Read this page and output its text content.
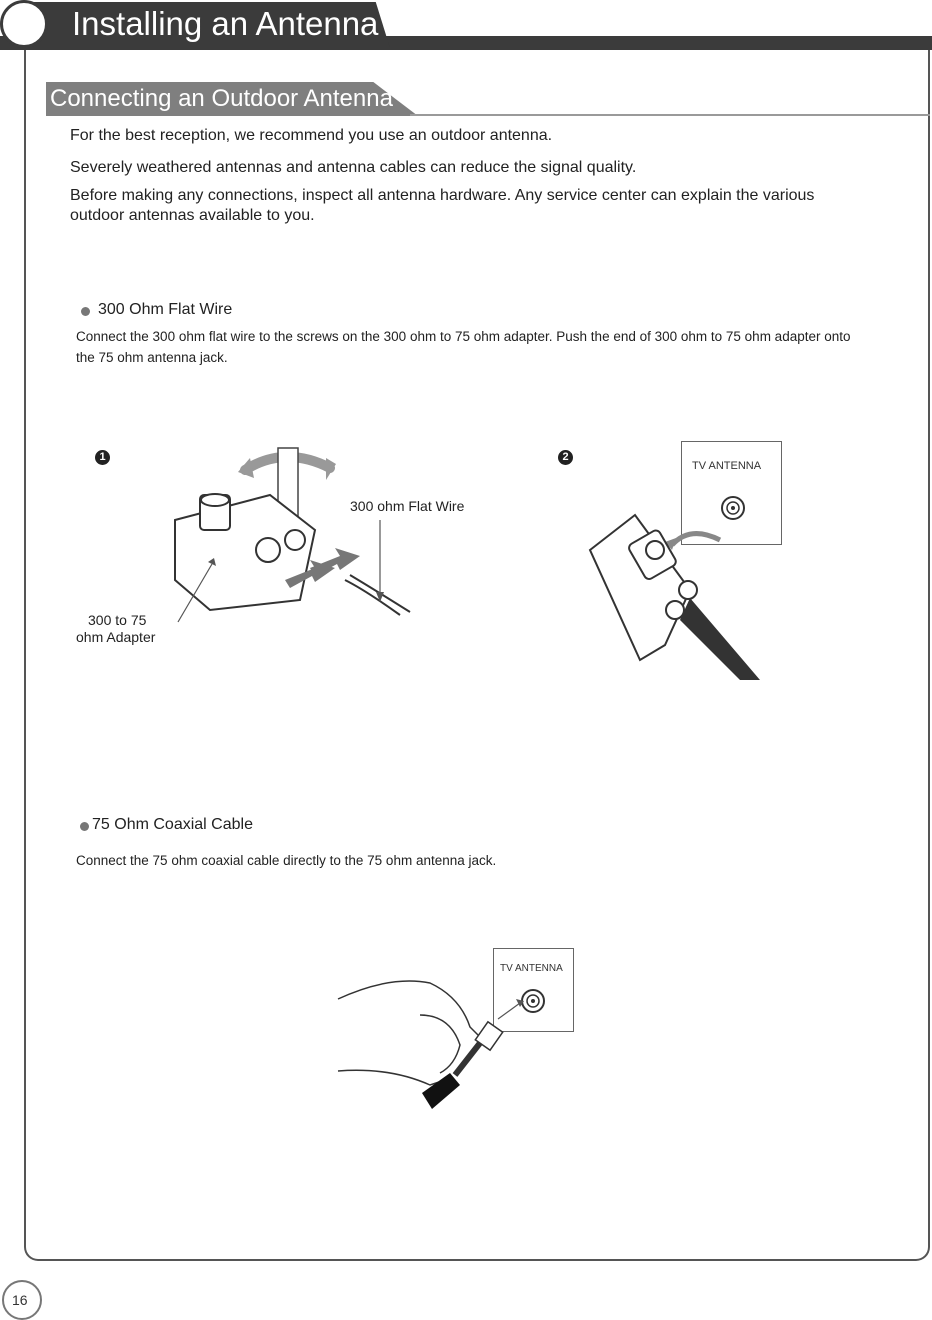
Installing an Antenna
Connecting an Outdoor Antenna
For the best reception, we recommend you use an outdoor antenna.
Severely weathered antennas and antenna cables can reduce the signal quality.
Before making any connections, inspect all antenna hardware. Any service center can explain the various outdoor antennas available to you.
300 Ohm Flat Wire
Connect the 300 ohm flat wire to the screws on the 300 ohm to 75 ohm adapter. Push the end of 300 ohm to 75 ohm adapter onto the 75 ohm antenna jack.
1	2
300 ohm Flat Wire
300 to 75
ohm Adapter
TV ANTENNA
75 Ohm Coaxial Cable
Connect the 75 ohm coaxial cable directly to the 75 ohm antenna jack.
TV ANTENNA
16
